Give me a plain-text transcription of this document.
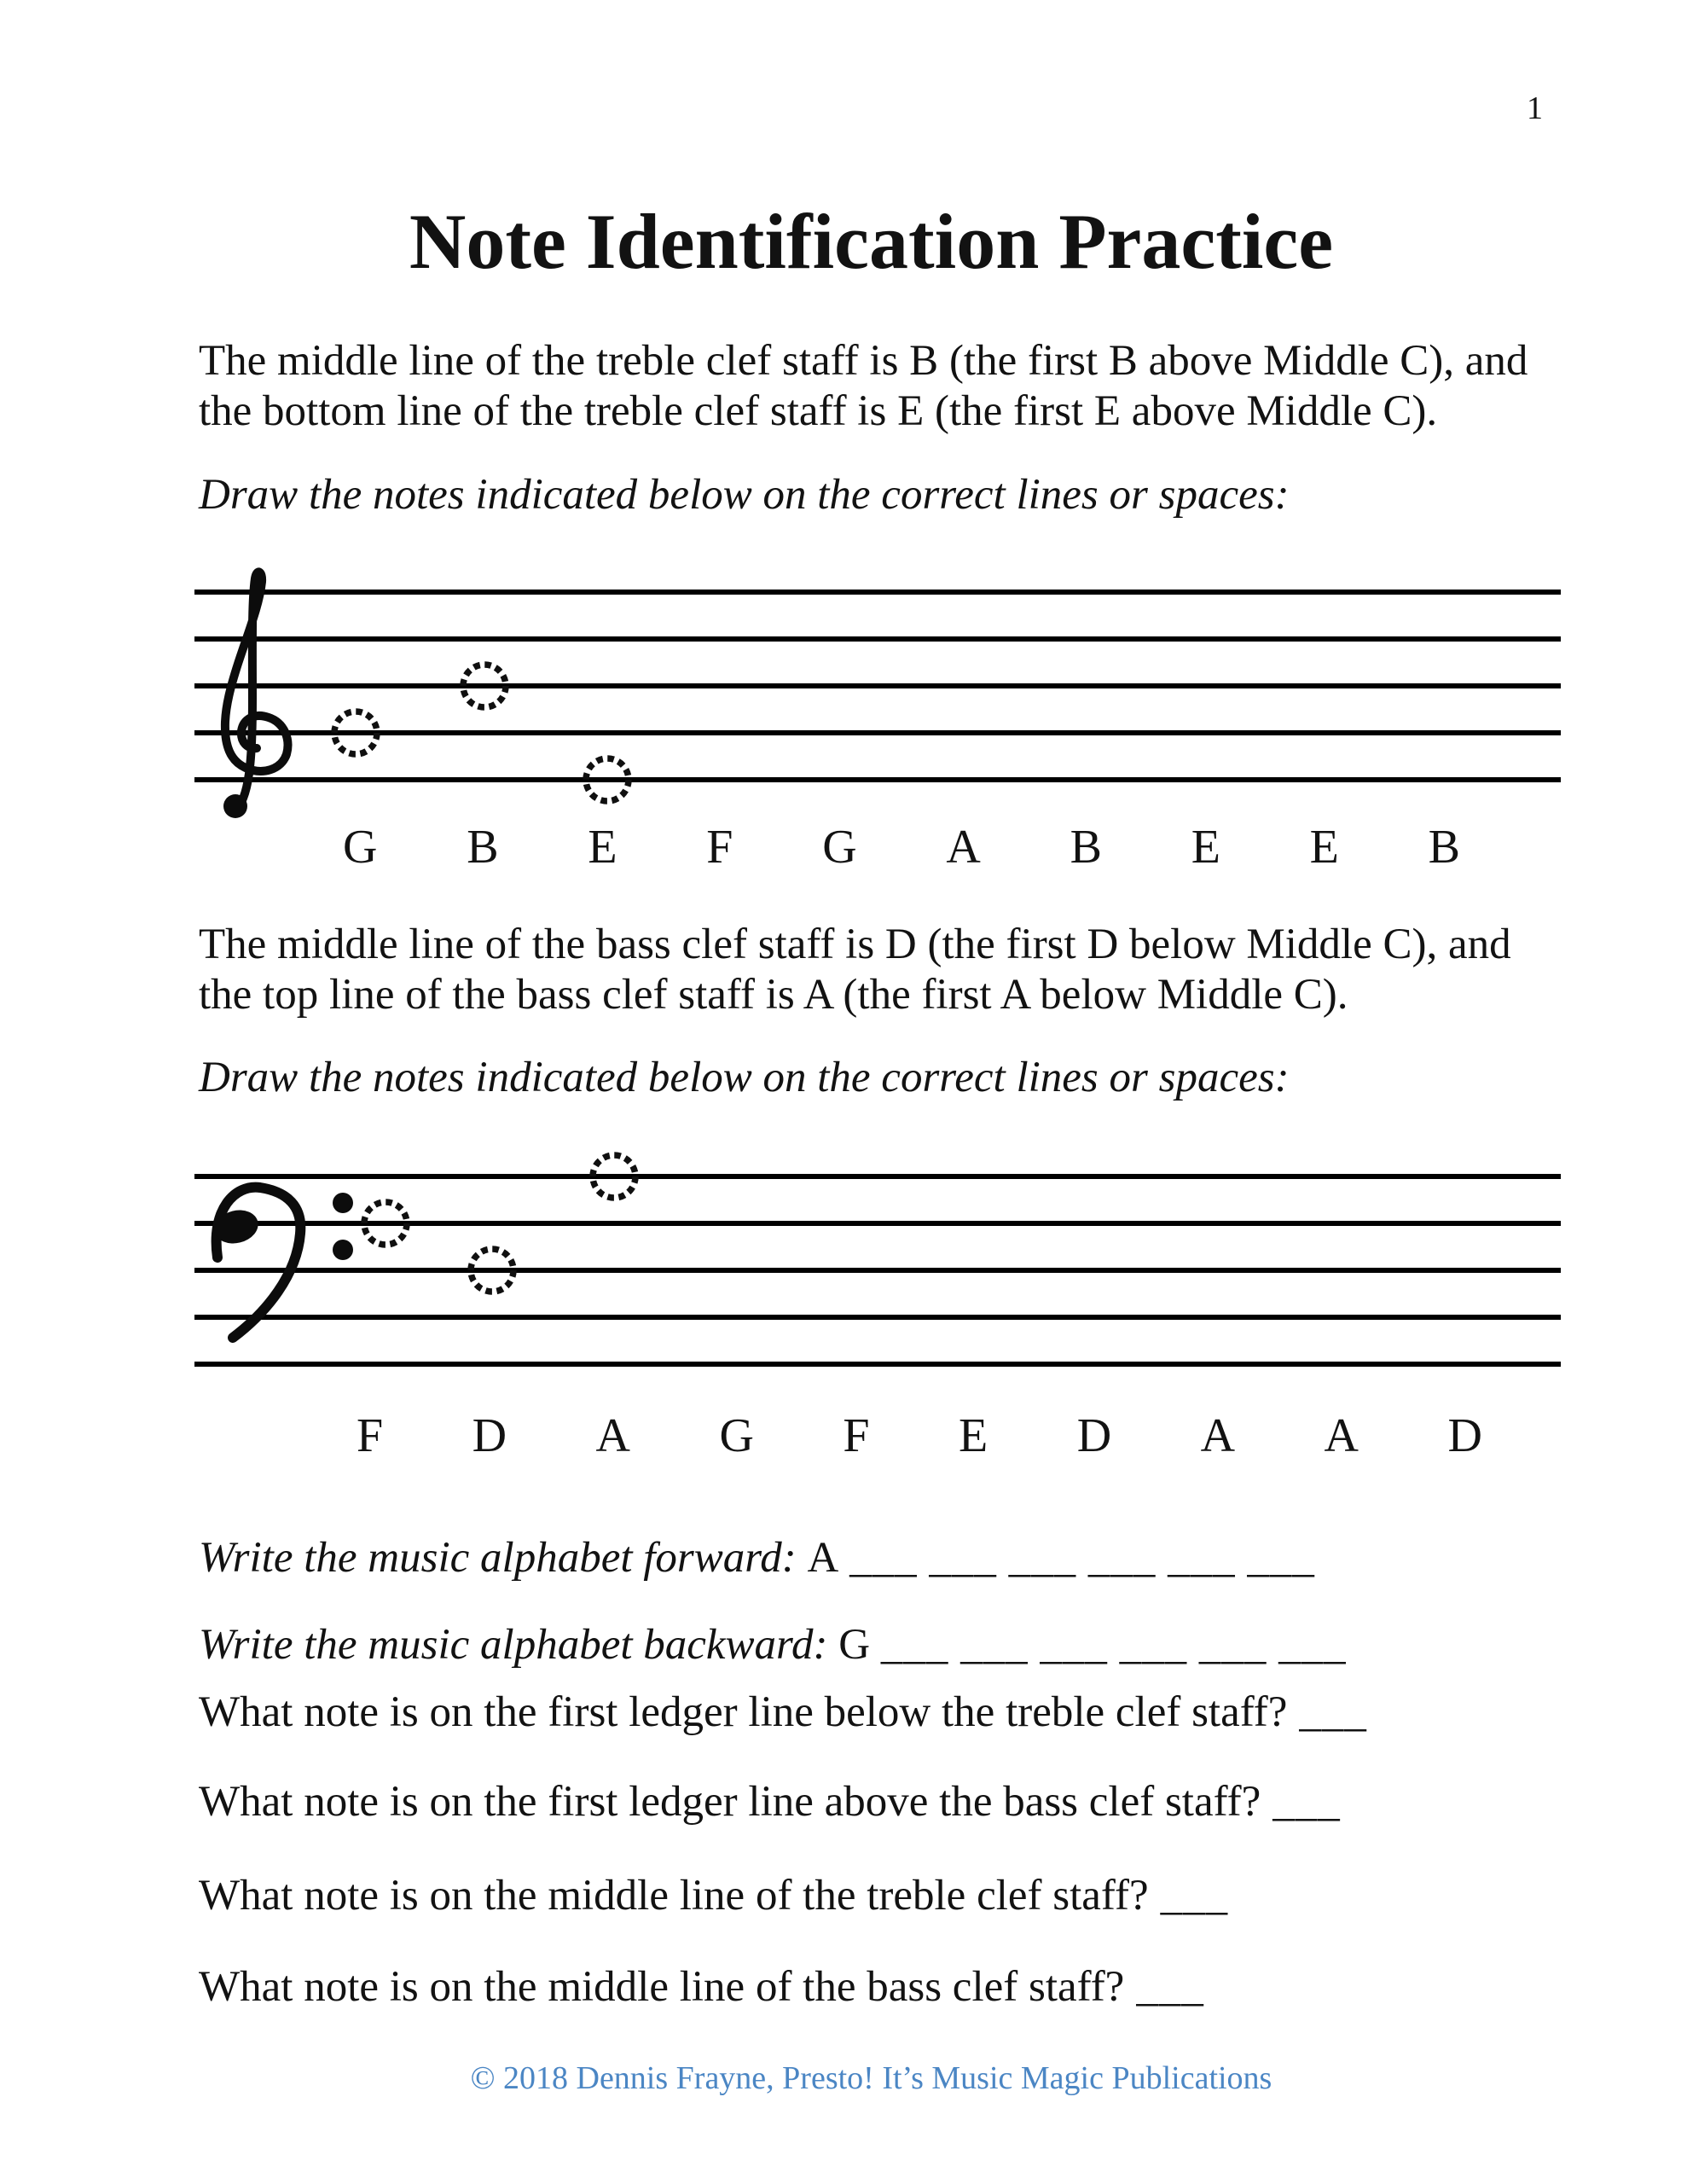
1
Note Identification Practice
The middle line of the treble clef staff is B (the first B above Middle C), and
the bottom line of the treble clef staff is E (the first E above Middle C).
Draw the notes indicated below on the correct lines or spaces:
G B E F G A B E E B
The middle line of the bass clef staff is D (the first D below Middle C), and
the top line of the bass clef staff is A (the first A below Middle C).
Draw the notes indicated below on the correct lines or spaces:
F D A G F E D A A D
Write the music alphabet forward: A ___ ___ ___ ___ ___ ___
Write the music alphabet backward: G ___ ___ ___ ___ ___ ___
What note is on the first ledger line below the treble clef staff? ___
What note is on the first ledger line above the bass clef staff? ___
What note is on the middle line of the treble clef staff? ___
What note is on the middle line of the bass clef staff? ___
© 2018 Dennis Frayne, Presto! It’s Music Magic Publications
